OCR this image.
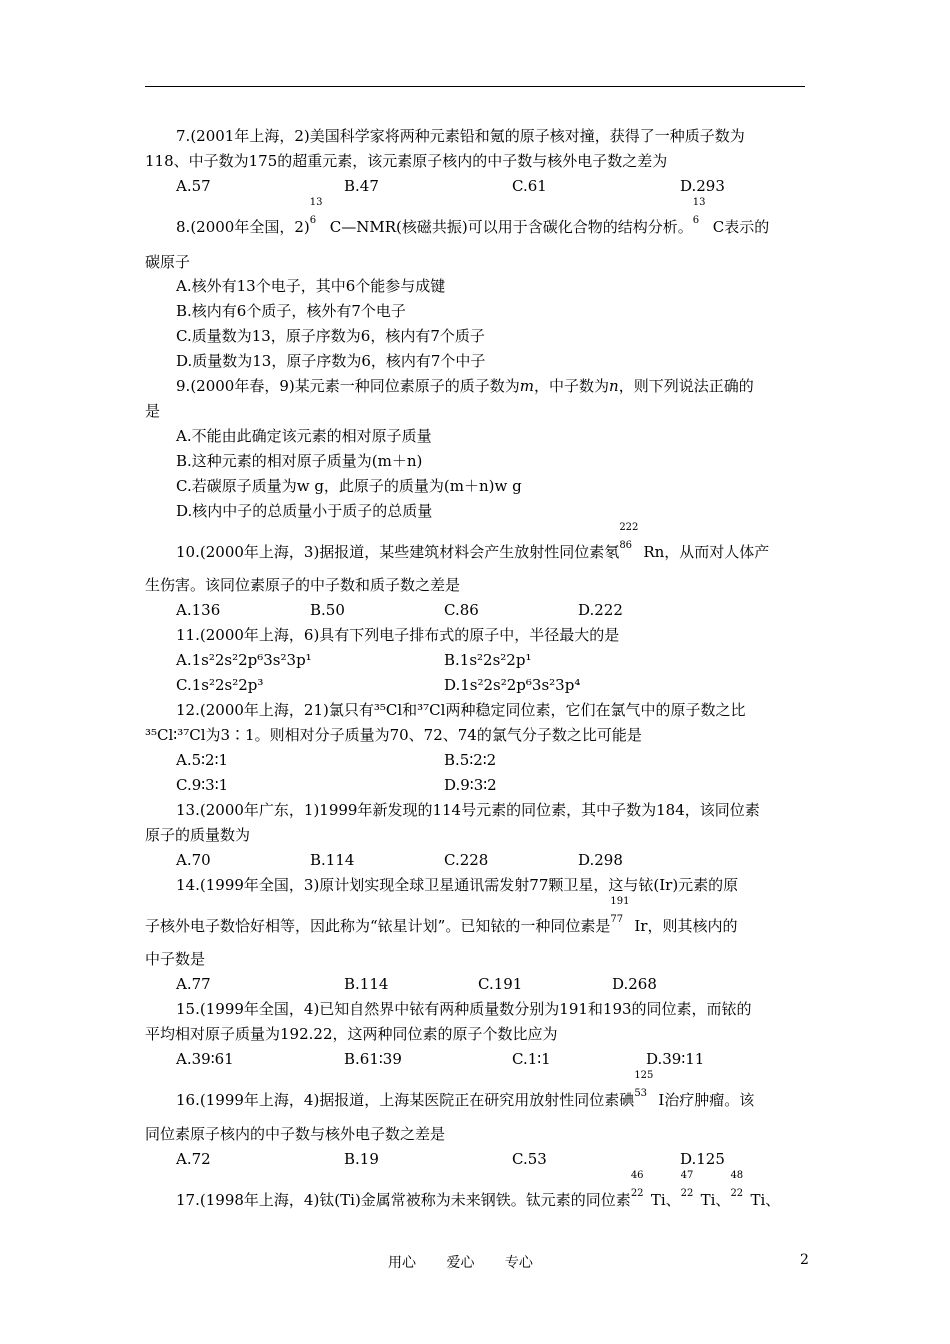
7.(2001年上海，2)美国科学家将两种元素铅和氪的原子核对撞，获得了一种质子数为
118、中子数为175的超重元素，该元素原子核内的中子数与核外电子数之差为
A.57	B.47	C.61	D.293
8.(2000年全国，2)
13
6 C—NMR(核磁共振)可以用于含碳化合物的结构分析。
13
6 C表示的
碳原子
A.核外有13个电子，其中6个能参与成键
B.核内有6个质子，核外有7个电子
C.质量数为13，原子序数为6，核内有7个质子
D.质量数为13，原子序数为6，核内有7个中子
9.(2000年春，9)某元素一种同位素原子的质子数为m，中子数为n，则下列说法正确的
是
A.不能由此确定该元素的相对原子质量
B.这种元素的相对原子质量为(m＋n)
C.若碳原子质量为w g，此原子的质量为(m＋n)w g
D.核内中子的总质量小于质子的总质量
10.(2000年上海，3)据报道，某些建筑材料会产生放射性同位素氡
222
86 Rn，从而对人体产
生伤害。该同位素原子的中子数和质子数之差是
A.136	B.50	C.86	D.222
11.(2000年上海，6)具有下列电子排布式的原子中，半径最大的是
A.1s²2s²2p⁶3s²3p¹	B.1s²2s²2p¹
C.1s²2s²2p³	D.1s²2s²2p⁶3s²3p⁴
12.(2000年上海，21)氯只有³⁵Cl和³⁷Cl两种稳定同位素，它们在氯气中的原子数之比
³⁵Cl∶³⁷Cl为3∶1。则相对分子质量为70、72、74的氯气分子数之比可能是
A.5∶2∶1	B.5∶2∶2
C.9∶3∶1	D.9∶3∶2
13.(2000年广东，1)1999年新发现的114号元素的同位素，其中子数为184，该同位素
原子的质量数为
A.70	B.114	C.228	D.298
14.(1999年全国，3)原计划实现全球卫星通讯需发射77颗卫星，这与铱(Ir)元素的原
子核外电子数恰好相等，因此称为“铱星计划”。已知铱的一种同位素是
191
77 Ir，则其核内的
中子数是
A.77	B.114	C.191	D.268
15.(1999年全国，4)已知自然界中铱有两种质量数分别为191和193的同位素，而铱的
平均相对原子质量为192.22，这两种同位素的原子个数比应为
A.39∶61	B.61∶39	C.1∶1	D.39∶11
16.(1999年上海，4)据报道，上海某医院正在研究用放射性同位素碘
125
53 I治疗肿瘤。该
同位素原子核内的中子数与核外电子数之差是
A.72	B.19	C.53	D.125
17.(1998年上海，4)钛(Ti)金属常被称为未来钢铁。钛元素的同位素
46
22 Ti、
47
22 Ti、
48
22 Ti、
用心 爱心 专心	2
